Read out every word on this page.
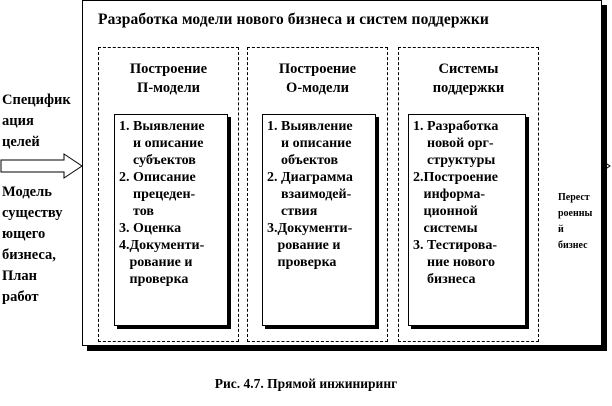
Разработка модели нового бизнеса и систем поддержки
Специфик
ация
целей
Модель
существу
ющего
бизнеса,
План
работ
Перест
роенны
й
бизнес
Построение
П-модели
1. Выявление
и описание
субъектов
2. Описание
прецеден-
тов
3. Оценка
4. Документи-
рование и
проверка
Построение
О-модели
1. Выявление
и описание
объектов
2. Диаграмма
взаимодей-
ствия
3. Документи-
рование и
проверка
Системы
поддержки
1. Разработка
новой орг-
структуры
2. Построение
информа-
ционной
системы
3. Тестирова-
ние нового
бизнеса
Рис. 4.7. Прямой инжиниринг
